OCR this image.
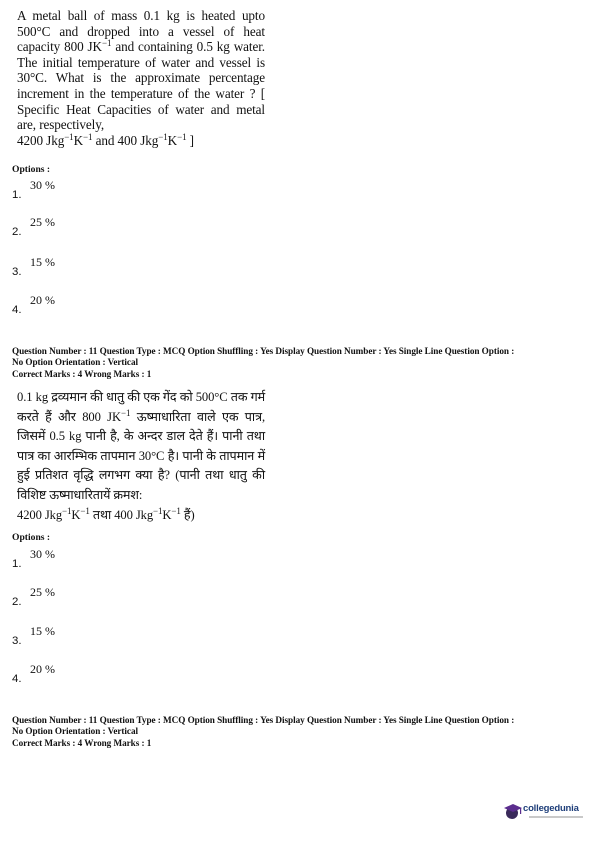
A metal ball of mass 0.1 kg is heated upto 500°C and dropped into a vessel of heat capacity 800 $JK^{-1}$ and containing 0.5 kg water. The initial temperature of water and vessel is 30°C. What is the approximate percentage increment in the temperature of the water ? [ Specific Heat Capacities of water and metal are, respectively,
4200 $Jkg^{-1}K^{-1}$ and 400 $Jkg^{-1}K^{-1}$ ]

Options :
1.
30 %
2.
25 %
3.
15 %
4.
20 %
Question Number : 11 Question Type : MCQ Option Shuffling : Yes Display Question Number : Yes Single Line Question Option :
No Option Orientation : Vertical
Correct Marks : 4 Wrong Marks : 1

0.1 kg द्रव्यमान की धातु की एक गेंद को 500°C तक गर्म करते हैं और 800 $JK^{-1}$ ऊष्माधारिता वाले एक पात्र, जिसमें 0.5 kg पानी है, के अन्दर डाल देते हैं। पानी तथा पात्र का आरम्भिक तापमान 30°C है। पानी के तापमान में हुई प्रतिशत वृद्धि लगभग क्या है? (पानी तथा धातु की विशिष्ट ऊष्माधारितायें क्रमश:
4200 $Jkg^{-1}K^{-1}$ तथा 400 $Jkg^{-1}K^{-1}$ हैं)

Options :
1.
30 %
2.
25 %
3.
15 %
4.
20 %
Question Number : 11 Question Type : MCQ Option Shuffling : Yes Display Question Number : Yes Single Line Question Option :
No Option Orientation : Vertical
Correct Marks : 4 Wrong Marks : 1
collegedunia
